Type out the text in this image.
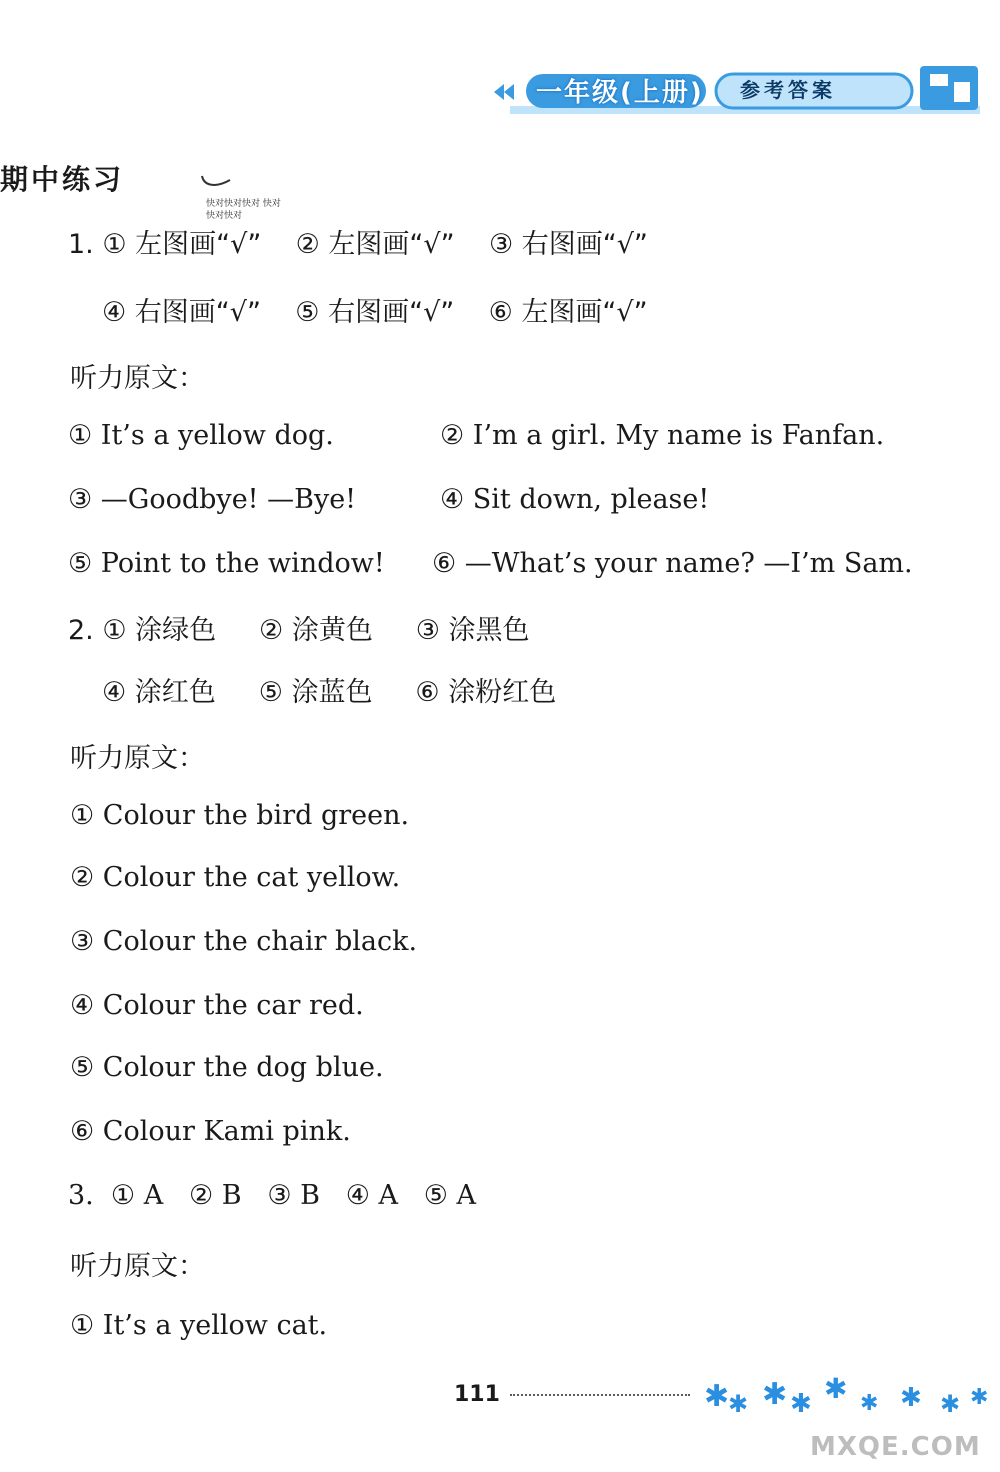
一年级(上册) 参考答案
期中练习
快对快对快对 快对快对快对
1. ① 左图画“√”    ② 左图画“√”    ③ 右图画“√”
④ 右图画“√”    ⑤ 右图画“√”    ⑥ 左图画“√”
听力原文：
① It’s a yellow dog.	② I’m a girl. My name is Fanfan.
③ —Goodbye! —Bye!	④ Sit down, please!
⑤ Point to the window! ⑥ —What’s your name? —I’m Sam.
2. ① 涂绿色     ② 涂黄色     ③ 涂黑色
④ 涂红色     ⑤ 涂蓝色     ⑥ 涂粉红色
听力原文：
① Colour the bird green.
② Colour the cat yellow.
③ Colour the chair black.
④ Colour the car red.
⑤ Colour the dog blue.
⑥ Colour Kami pink.
3.  ① A   ② B   ③ B   ④ A   ⑤ A
听力原文：
① It’s a yellow cat.
111	✱
✱ ✱ ✱ ✱ ✱ ✱ ✱ ✱
MXQE.COM
